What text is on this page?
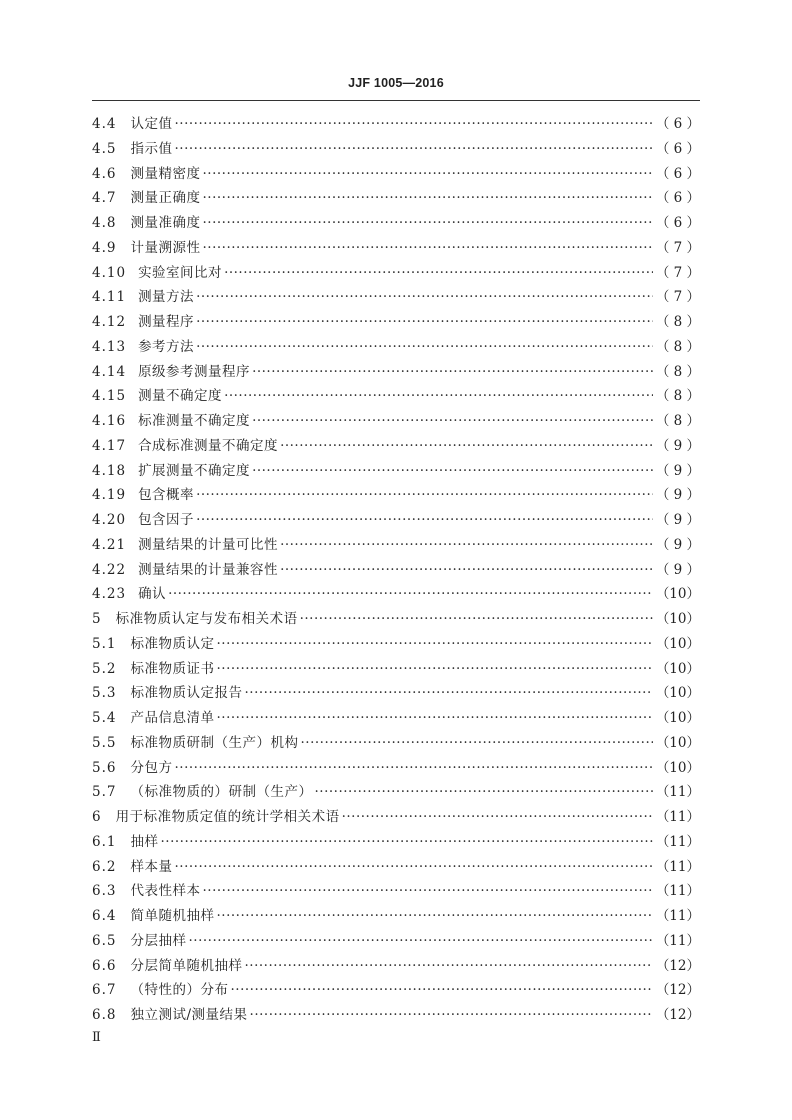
JJF 1005—2016
4.4	认定值 ·····	（ 6 ）
4.5	指示值 ·····	（ 6 ）
4.6	测量精密度 ·····	（ 6 ）
4.7	测量正确度 ·····	（ 6 ）
4.8	测量准确度 ·····	（ 6 ）
4.9	计量溯源性 ·····	（ 7 ）
4.10 实验室间比对 ·····	（ 7 ）
4.11 测量方法 ·····	（ 7 ）
4.12 测量程序 ·····	（ 8 ）
4.13 参考方法 ·····	（ 8 ）
4.14 原级参考测量程序 ·····	（ 8 ）
4.15 测量不确定度 ·····	（ 8 ）
4.16 标准测量不确定度 ·····	（ 8 ）
4.17 合成标准测量不确定度 ·····	（ 9 ）
4.18 扩展测量不确定度 ·····	（ 9 ）
4.19 包含概率 ·····	（ 9 ）
4.20 包含因子 ·····	（ 9 ）
4.21 测量结果的计量可比性 ·····	（ 9 ）
4.22 测量结果的计量兼容性 ·····	（ 9 ）
4.23 确认 ·····	（10）
5	标准物质认定与发布相关术语 ·····	（10）
5.1	标准物质认定 ·····	（10）
5.2	标准物质证书 ·····	（10）
5.3	标准物质认定报告 ·····	（10）
5.4	产品信息清单 ·····	（10）
5.5	标准物质研制（生产）机构 ·····	（10）
5.6	分包方 ·····	（10）
5.7	（标准物质的）研制（生产） ·····	（11）
6	用于标准物质定值的统计学相关术语 ·····	（11）
6.1	抽样 ·····	（11）
6.2	样本量 ·····	（11）
6.3	代表性样本 ·····	（11）
6.4	简单随机抽样 ·····	（11）
6.5	分层抽样 ·····	（11）
6.6	分层简单随机抽样 ·····	（12）
6.7	（特性的）分布 ·····	（12）
6.8	独立测试/测量结果 ·····	（12）
Ⅱ
